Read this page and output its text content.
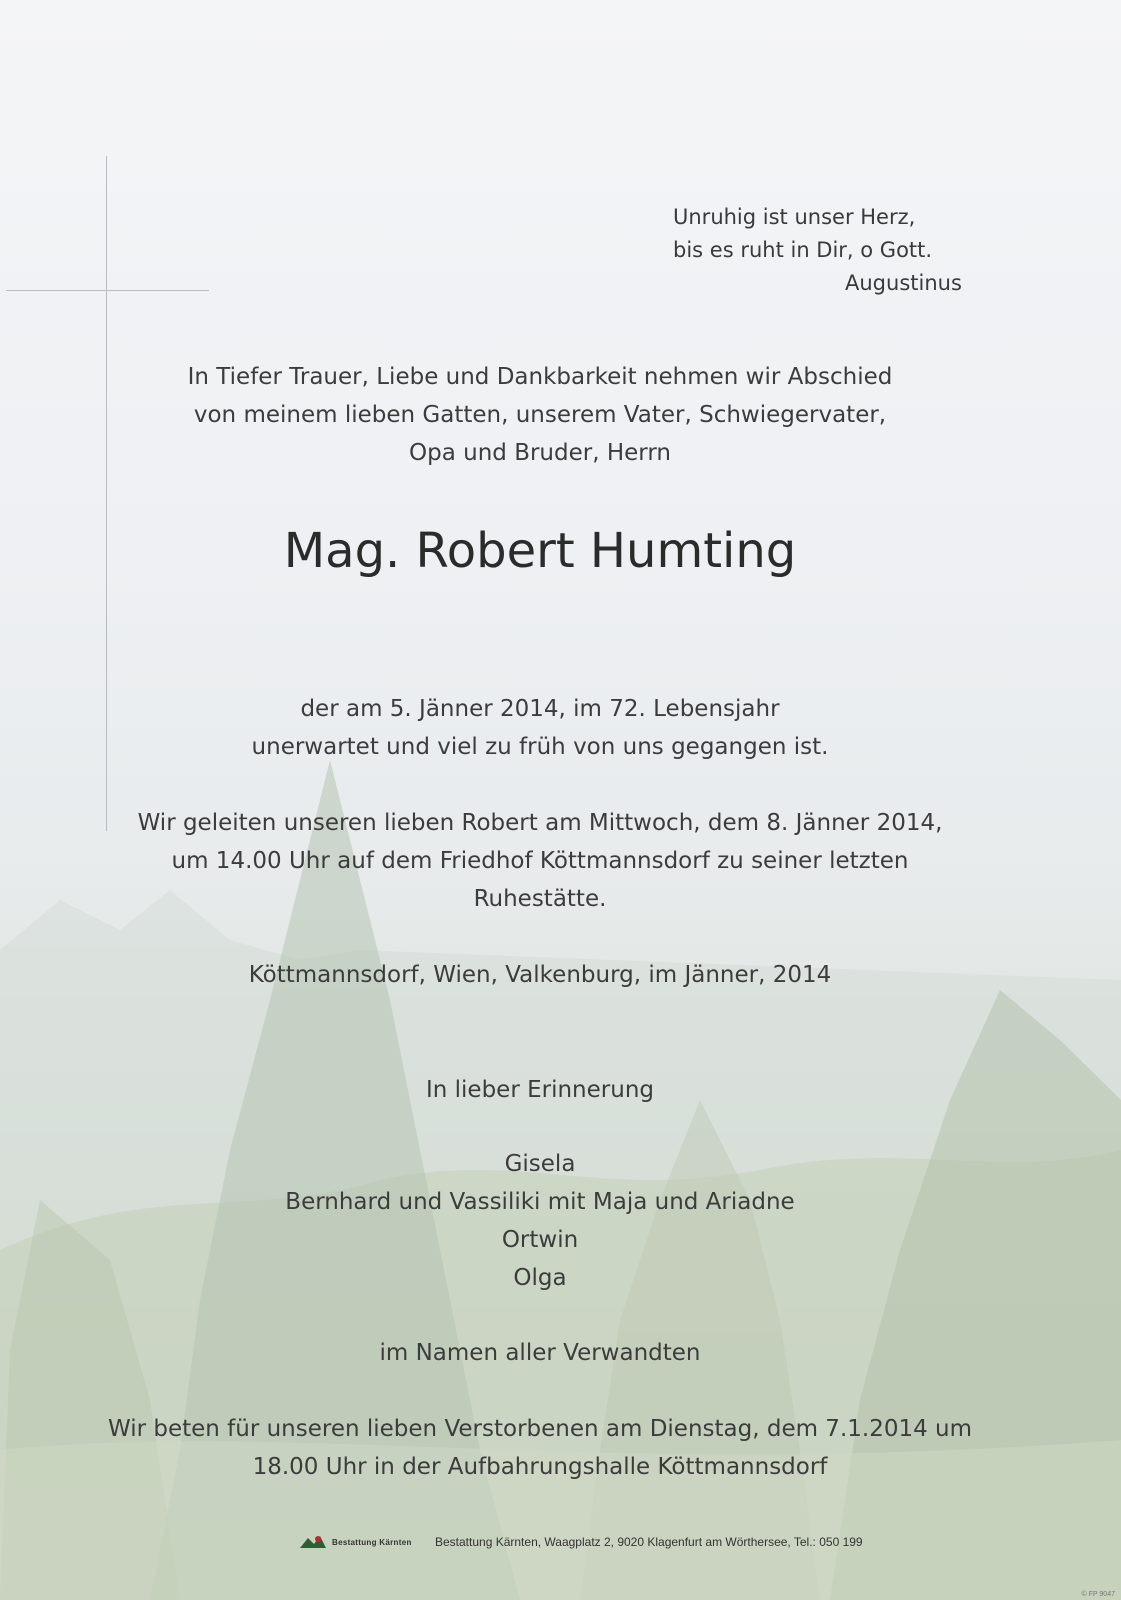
Unruhig ist unser Herz,
bis es ruht in Dir, o Gott.
Augustinus
In Tiefer Trauer, Liebe und Dankbarkeit nehmen wir Abschied
von meinem lieben Gatten, unserem Vater, Schwiegervater,
Opa und Bruder, Herrn
Mag. Robert Humting
der am 5. Jänner 2014, im 72. Lebensjahr
unerwartet und viel zu früh von uns gegangen ist.
Wir geleiten unseren lieben Robert am Mittwoch, dem 8. Jänner 2014,
um 14.00 Uhr auf dem Friedhof Köttmannsdorf zu seiner letzten
Ruhestätte.
Köttmannsdorf, Wien, Valkenburg, im Jänner, 2014
In lieber Erinnerung
Gisela
Bernhard und Vassiliki mit Maja und Ariadne
Ortwin
Olga
im Namen aller Verwandten
Wir beten für unseren lieben Verstorbenen am Dienstag, dem 7.1.2014 um
18.00 Uhr in der Aufbahrungshalle Köttmannsdorf
Bestattung Kärnten Bestattung Kärnten, Waagplatz 2, 9020 Klagenfurt am Wörthersee, Tel.: 050 199
© FP 9047
